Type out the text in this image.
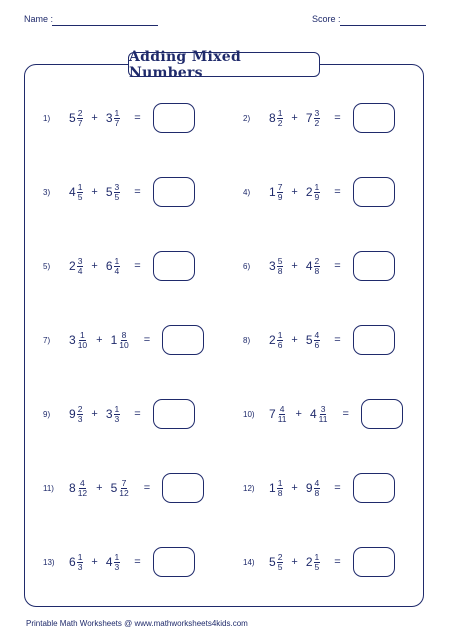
Name :	Score :
Adding Mixed Numbers
1)	$5 \frac{2}{7} + 3 \frac{1}{7}$ =	2)	$8 \frac{1}{2} + 7 \frac{3}{2}$ =
3)	$4 \frac{1}{5} + 5 \frac{3}{5}$ =	4)	$1 \frac{7}{9} + 2 \frac{1}{9}$ =
5)	$2 \frac{3}{4} + 6 \frac{1}{4}$ =	6)	$3 \frac{5}{8} + 4 \frac{2}{8}$ =
7)	$3 \frac{1}{10} + 1 \frac{8}{10}$ =	8)	$2 \frac{1}{6} + 5 \frac{4}{6}$ =
9)	$9 \frac{2}{3} + 3 \frac{1}{3}$ =	10)	$7 \frac{4}{11} + 4 \frac{3}{11}$ =
11)	$8 \frac{4}{12} + 5 \frac{7}{12}$ =	12)	$1 \frac{1}{8} + 9 \frac{4}{8}$ =
13)	$6 \frac{1}{3} + 4 \frac{1}{3}$ =	14)	$5 \frac{2}{5} + 2 \frac{1}{5}$ =
Printable Math Worksheets @ www.mathworksheets4kids.com
